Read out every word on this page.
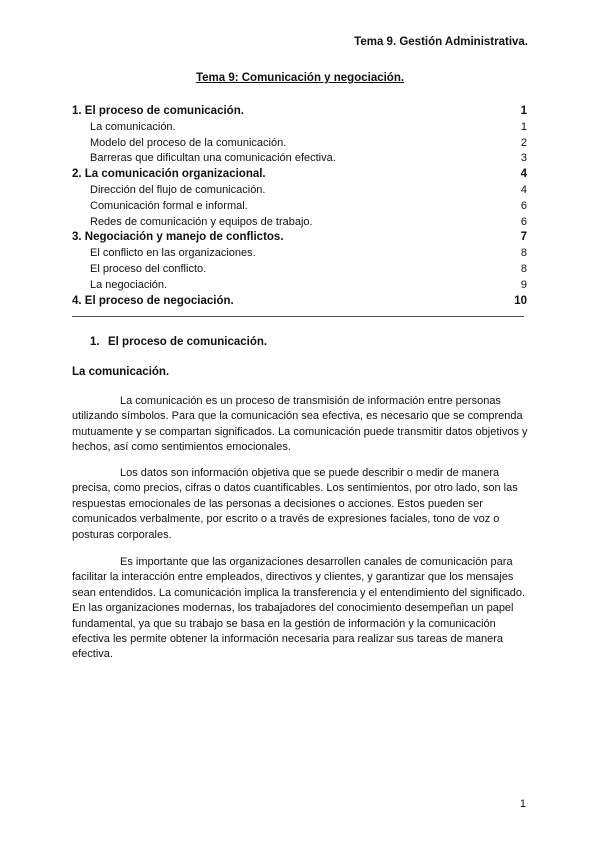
Tema 9. Gestión Administrativa.
Tema 9: Comunicación y negociación.
1. El proceso de comunicación.	1
La comunicación.	1
Modelo del proceso de la comunicación.	2
Barreras que dificultan una comunicación efectiva.	3
2. La comunicación organizacional.	4
Dirección del flujo de comunicación.	4
Comunicación formal e informal.	6
Redes de comunicación y equipos de trabajo.	6
3. Negociación y manejo de conflictos.	7
El conflicto en las organizaciones.	8
El proceso del conflicto.	8
La negociación.	9
4. El proceso de negociación.	10
1. El proceso de comunicación.
La comunicación.

La comunicación es un proceso de transmisión de información entre personas utilizando símbolos. Para que la comunicación sea efectiva, es necesario que se comprenda mutuamente y se compartan significados. La comunicación puede transmitir datos objetivos y hechos, así como sentimientos emocionales.

Los datos son información objetiva que se puede describir o medir de manera precisa, como precios, cifras o datos cuantificables. Los sentimientos, por otro lado, son las respuestas emocionales de las personas a decisiones o acciones. Estos pueden ser comunicados verbalmente, por escrito o a través de expresiones faciales, tono de voz o posturas corporales.

Es importante que las organizaciones desarrollen canales de comunicación para facilitar la interacción entre empleados, directivos y clientes, y garantizar que los mensajes sean entendidos. La comunicación implica la transferencia y el entendimiento del significado. En las organizaciones modernas, los trabajadores del conocimiento desempeñan un papel fundamental, ya que su trabajo se basa en la gestión de información y la comunicación efectiva les permite obtener la información necesaria para realizar sus tareas de manera efectiva.

1
